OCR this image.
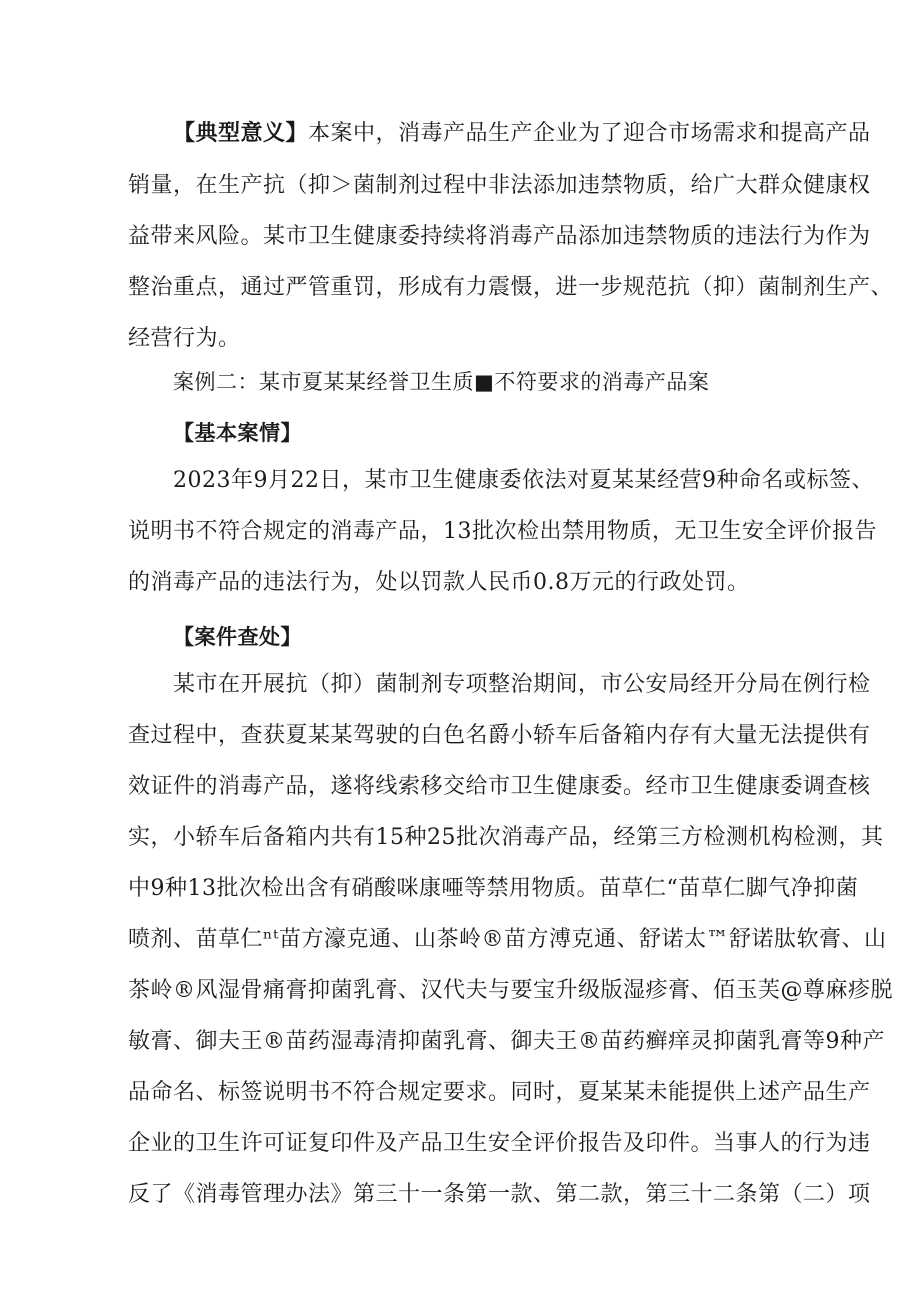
【典型意义】本案中，消毒产品生产企业为了迎合市场需求和提高产品
销量，在生产抗（抑＞菌制剂过程中非法添加违禁物质，给广大群众健康权
益带来风险。某市卫生健康委持续将消毒产品添加违禁物质的违法行为作为
整治重点，通过严管重罚，形成有力震慑，进一步规范抗（抑）菌制剂生产、
经营行为。
案例二：某市夏某某经誉卫生质■不符要求的消毒产品案
【基本案情】
2023年9月22日，某市卫生健康委依法对夏某某经营9种命名或标签、
说明书不符合规定的消毒产品，13批次检出禁用物质，无卫生安全评价报告
的消毒产品的违法行为，处以罚款人民币0.8万元的行政处罚。
【案件查处】
某市在开展抗（抑）菌制剂专项整治期间，市公安局经开分局在例行检
查过程中，查获夏某某驾驶的白色名爵小轿车后备箱内存有大量无法提供有
效证件的消毒产品，遂将线索移交给市卫生健康委。经市卫生健康委调查核
实，小轿车后备箱内共有15种25批次消毒产品，经第三方检测机构检测，其
中9种13批次检出含有硝酸咪康唖等禁用物质。苗草仁“苗草仁脚气净抑菌
喷剂、苗草仁ⁿᵗ苗方濠克通、山茶岭®苗方溥克通、舒诺太™舒诺肽软膏、山
茶岭®风湿骨痛膏抑菌乳膏、汉代夫与要宝升级版湿疹膏、佰玉芙@尊麻疹脱
敏膏、御夫王®苗药湿毒清抑菌乳膏、御夫王®苗药癣痒灵抑菌乳膏等9种产
品命名、标签说明书不符合规定要求。同时，夏某某未能提供上述产品生产
企业的卫生许可证复印件及产品卫生安全评价报告及印件。当事人的行为违
反了《消毒管理办法》第三十一条第一款、第二款，第三十二条第（二）项
